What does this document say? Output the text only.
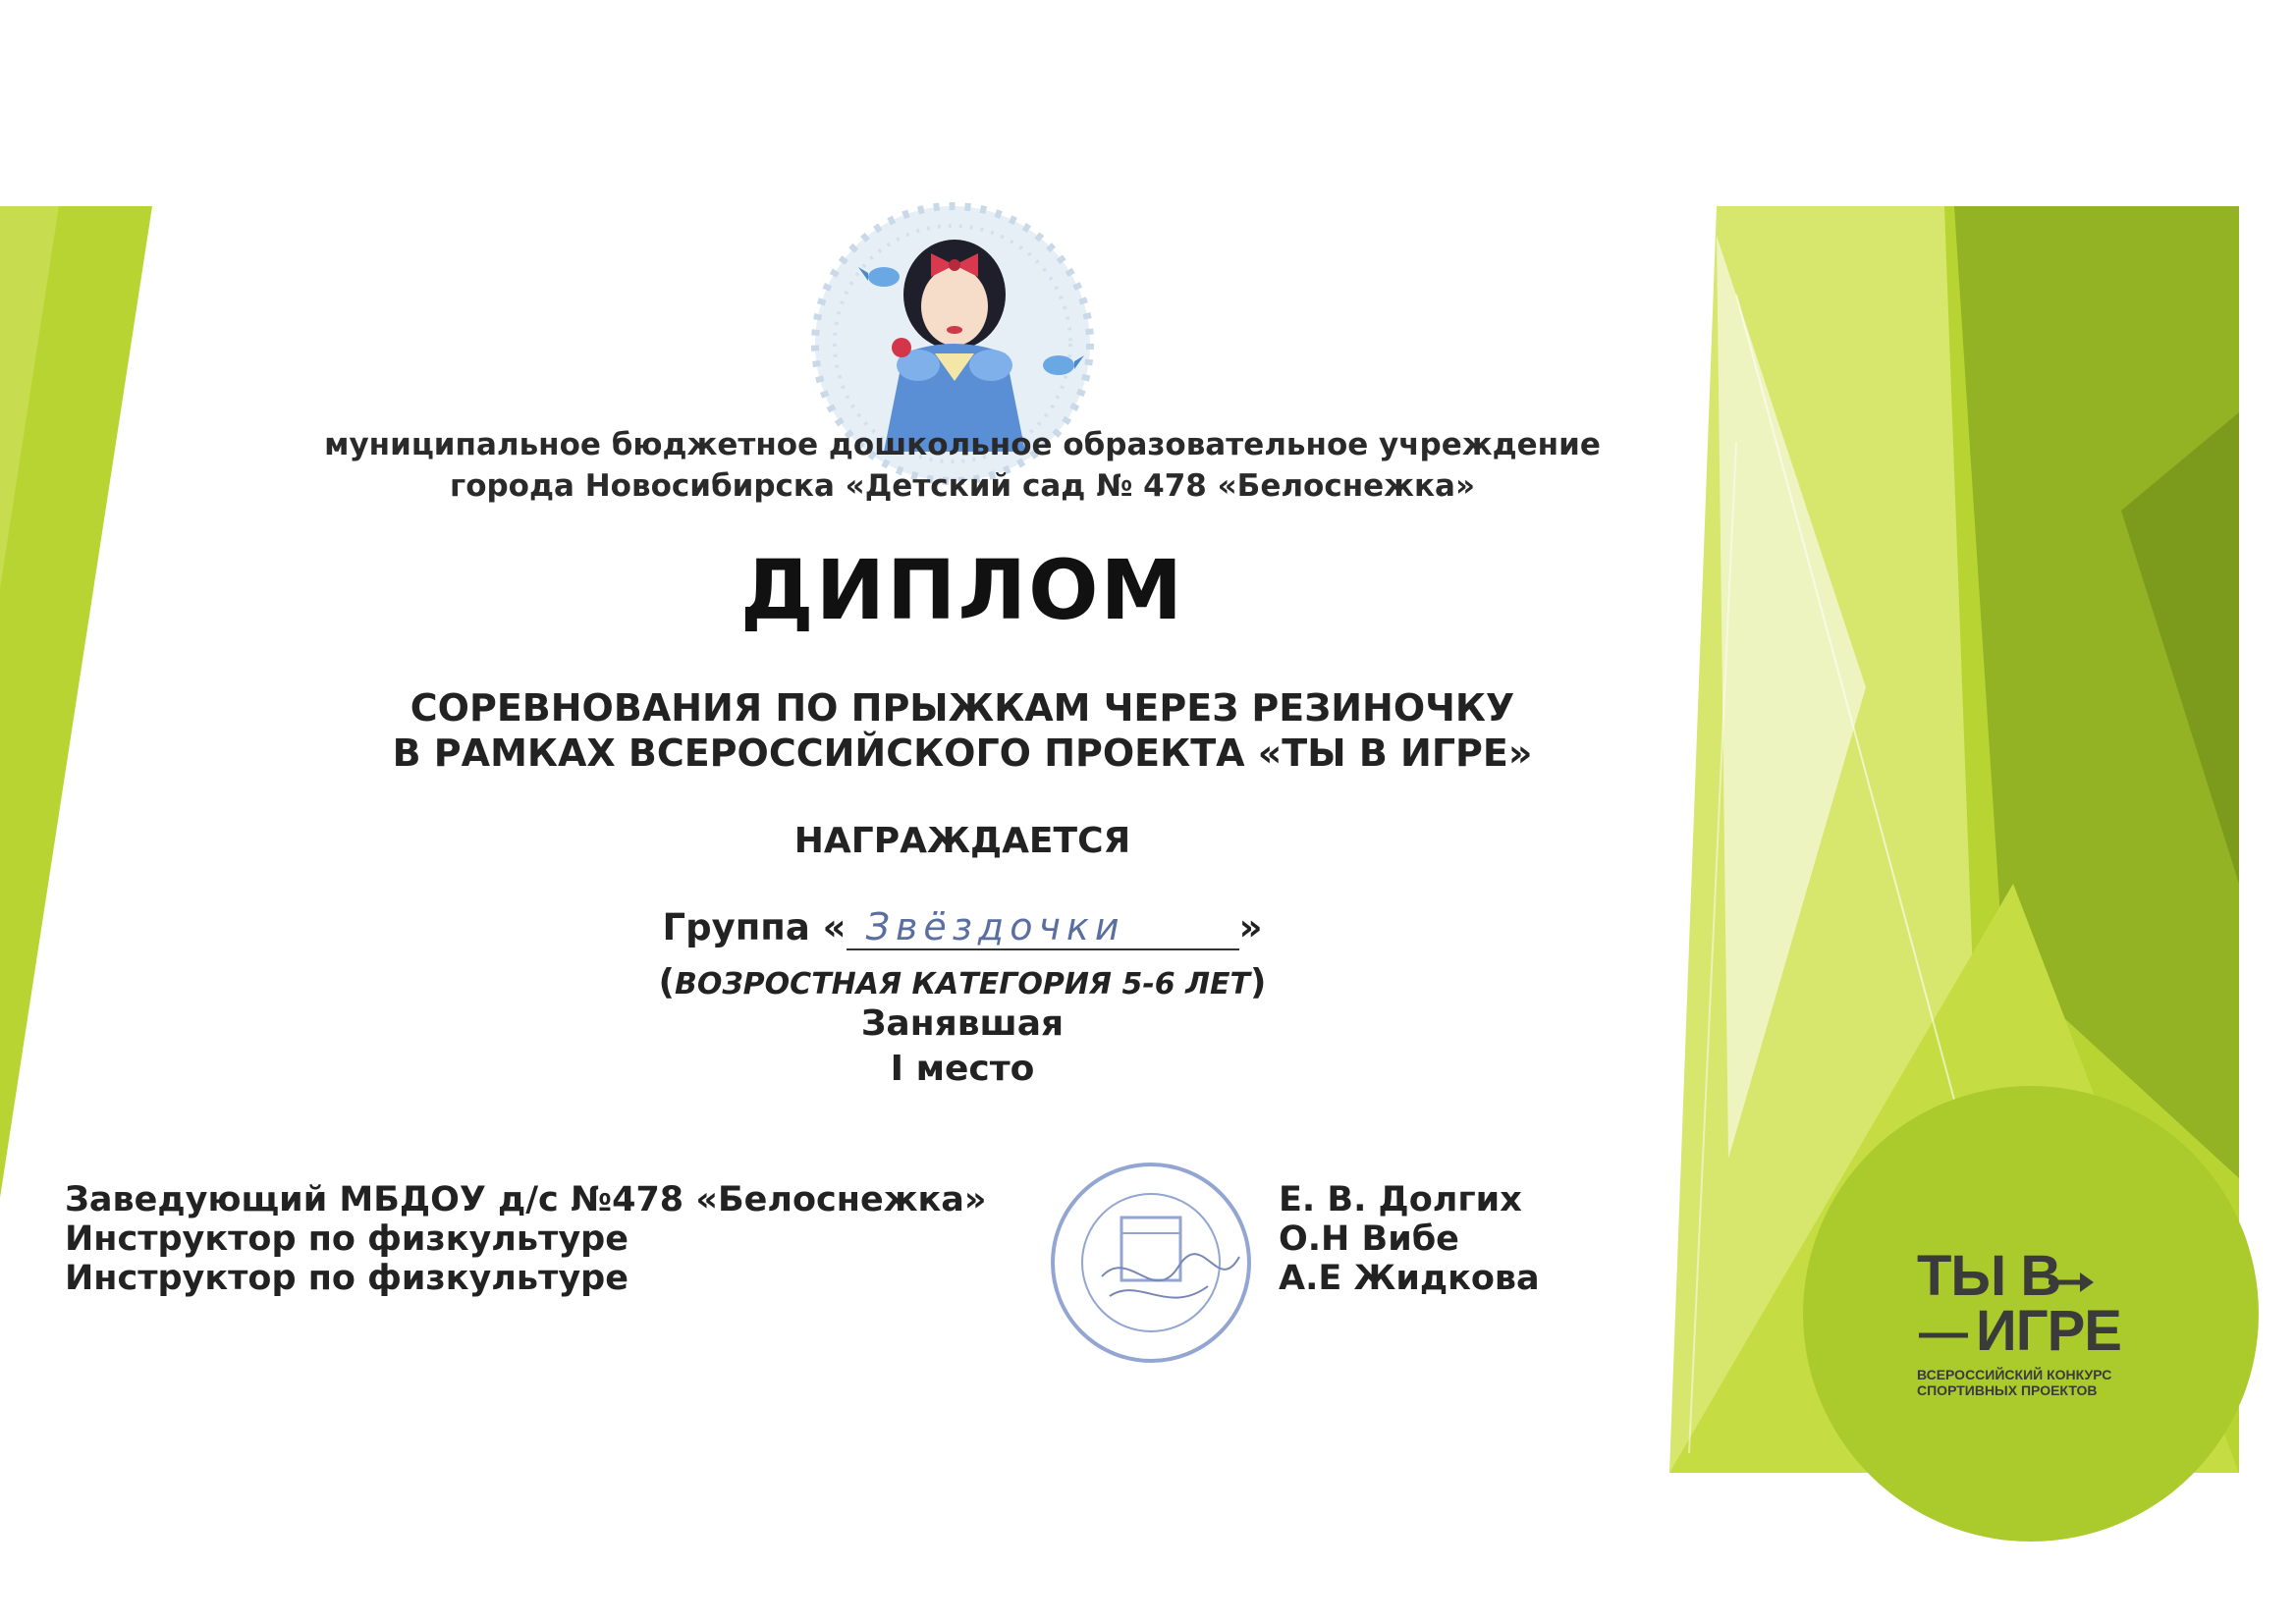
муниципальное бюджетное дошкольное образовательное учреждение
города Новосибирска «Детский сад № 478 «Белоснежка»
ДИПЛОМ
СОРЕВНОВАНИЯ ПО ПРЫЖКАМ ЧЕРЕЗ РЕЗИНОЧКУ
В РАМКАХ ВСЕРОССИЙСКОГО ПРОЕКТА «ТЫ В ИГРЕ»
НАГРАЖДАЕТСЯ
Группа « Звёздочки	»
(ВОЗРОСТНАЯ КАТЕГОРИЯ 5-6 ЛЕТ)
Занявшая
I место
Заведующий МБДОУ д/с №478 «Белоснежка»
Инструктор по физкультуре
Инструктор по физкультуре
Е. В. Долгих
О.Н Вибе
А.Е Жидкова	ТЫ В
ИГРЕ
ВСЕРОССИЙСКИЙ КОНКУРС
СПОРТИВНЫХ ПРОЕКТОВ
